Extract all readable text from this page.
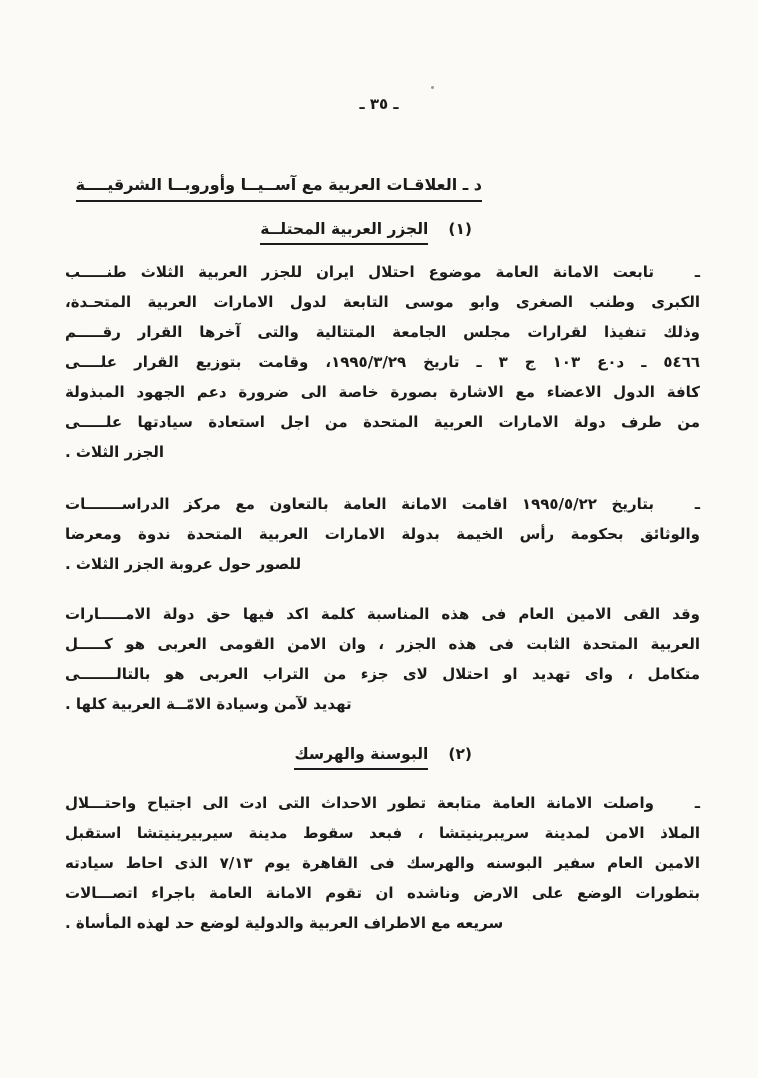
ـ ٣٥ ـ
د ـ العلاقـات العربية مع آســيــا وأوروبــا الشرقيــــة
(١)
الجزر العربية المحتلــة
ـ
تابعت الامانة العامة موضوع احتلال ايران للجزر العربية الثلاث طنـــــب
الكبرى وطنب الصغرى وابو موسى التابعة لدول الامارات العربية المتحـدة،
وذلك تنفيذا لقرارات مجلس الجامعة المتتالية والتى آخرها القرار رقـــــم
٥٤٦٦ ـ د٠ع ١٠٣ ج ٣ ـ تاريخ ١٩٩٥/٣/٢٩، وقامت بتوزيع القرار علــــى
كافة الدول الاعضاء مع الاشارة بصورة خاصة الى ضرورة دعم الجهود المبذولة
من طرف دولة الامارات العربية المتحدة من اجل استعادة سيادتها علـــــى
الجزر الثلاث .
ـ
بتاريخ ١٩٩٥/٥/٢٢ اقامت الامانة العامة بالتعاون مع مركز الدراســـــــات
والوثائق بحكومة رأس الخيمة بدولة الامارات العربية المتحدة ندوة ومعرضا
للصور حول عروبة الجزر الثلاث .
وقد القى الامين العام فى هذه المناسبة كلمة اكد فيها حق دولة الامـــــارات
العربية المتحدة الثابت فى هذه الجزر ، وان الامن القومى العربى هو كـــــل
متكامل ، واى تهديد او احتلال لاى جزء من التراب العربى هو بالتالـــــــى
تهديد لآمن وسيادة الامّــة العربية كلها .
(٢)
البوسنة والهرسك
ـ
واصلت الامانة العامة متابعة تطور الاحداث التى ادت الى اجتياح واحتـــلال
الملاذ الامن لمدينة سريبرينيتشا ، فبعد سقوط مدينة سيربيرينيتشا استقبل
الامين العام سفير البوسنه والهرسك فى القاهرة يوم ٧/١٣ الذى احاط سيادته
بتطورات الوضع على الارض وناشده ان تقوم الامانة العامة باجراء اتصـــالات
سريعه مع الاطراف العربية والدولية لوضع حد لهذه المأساة .
